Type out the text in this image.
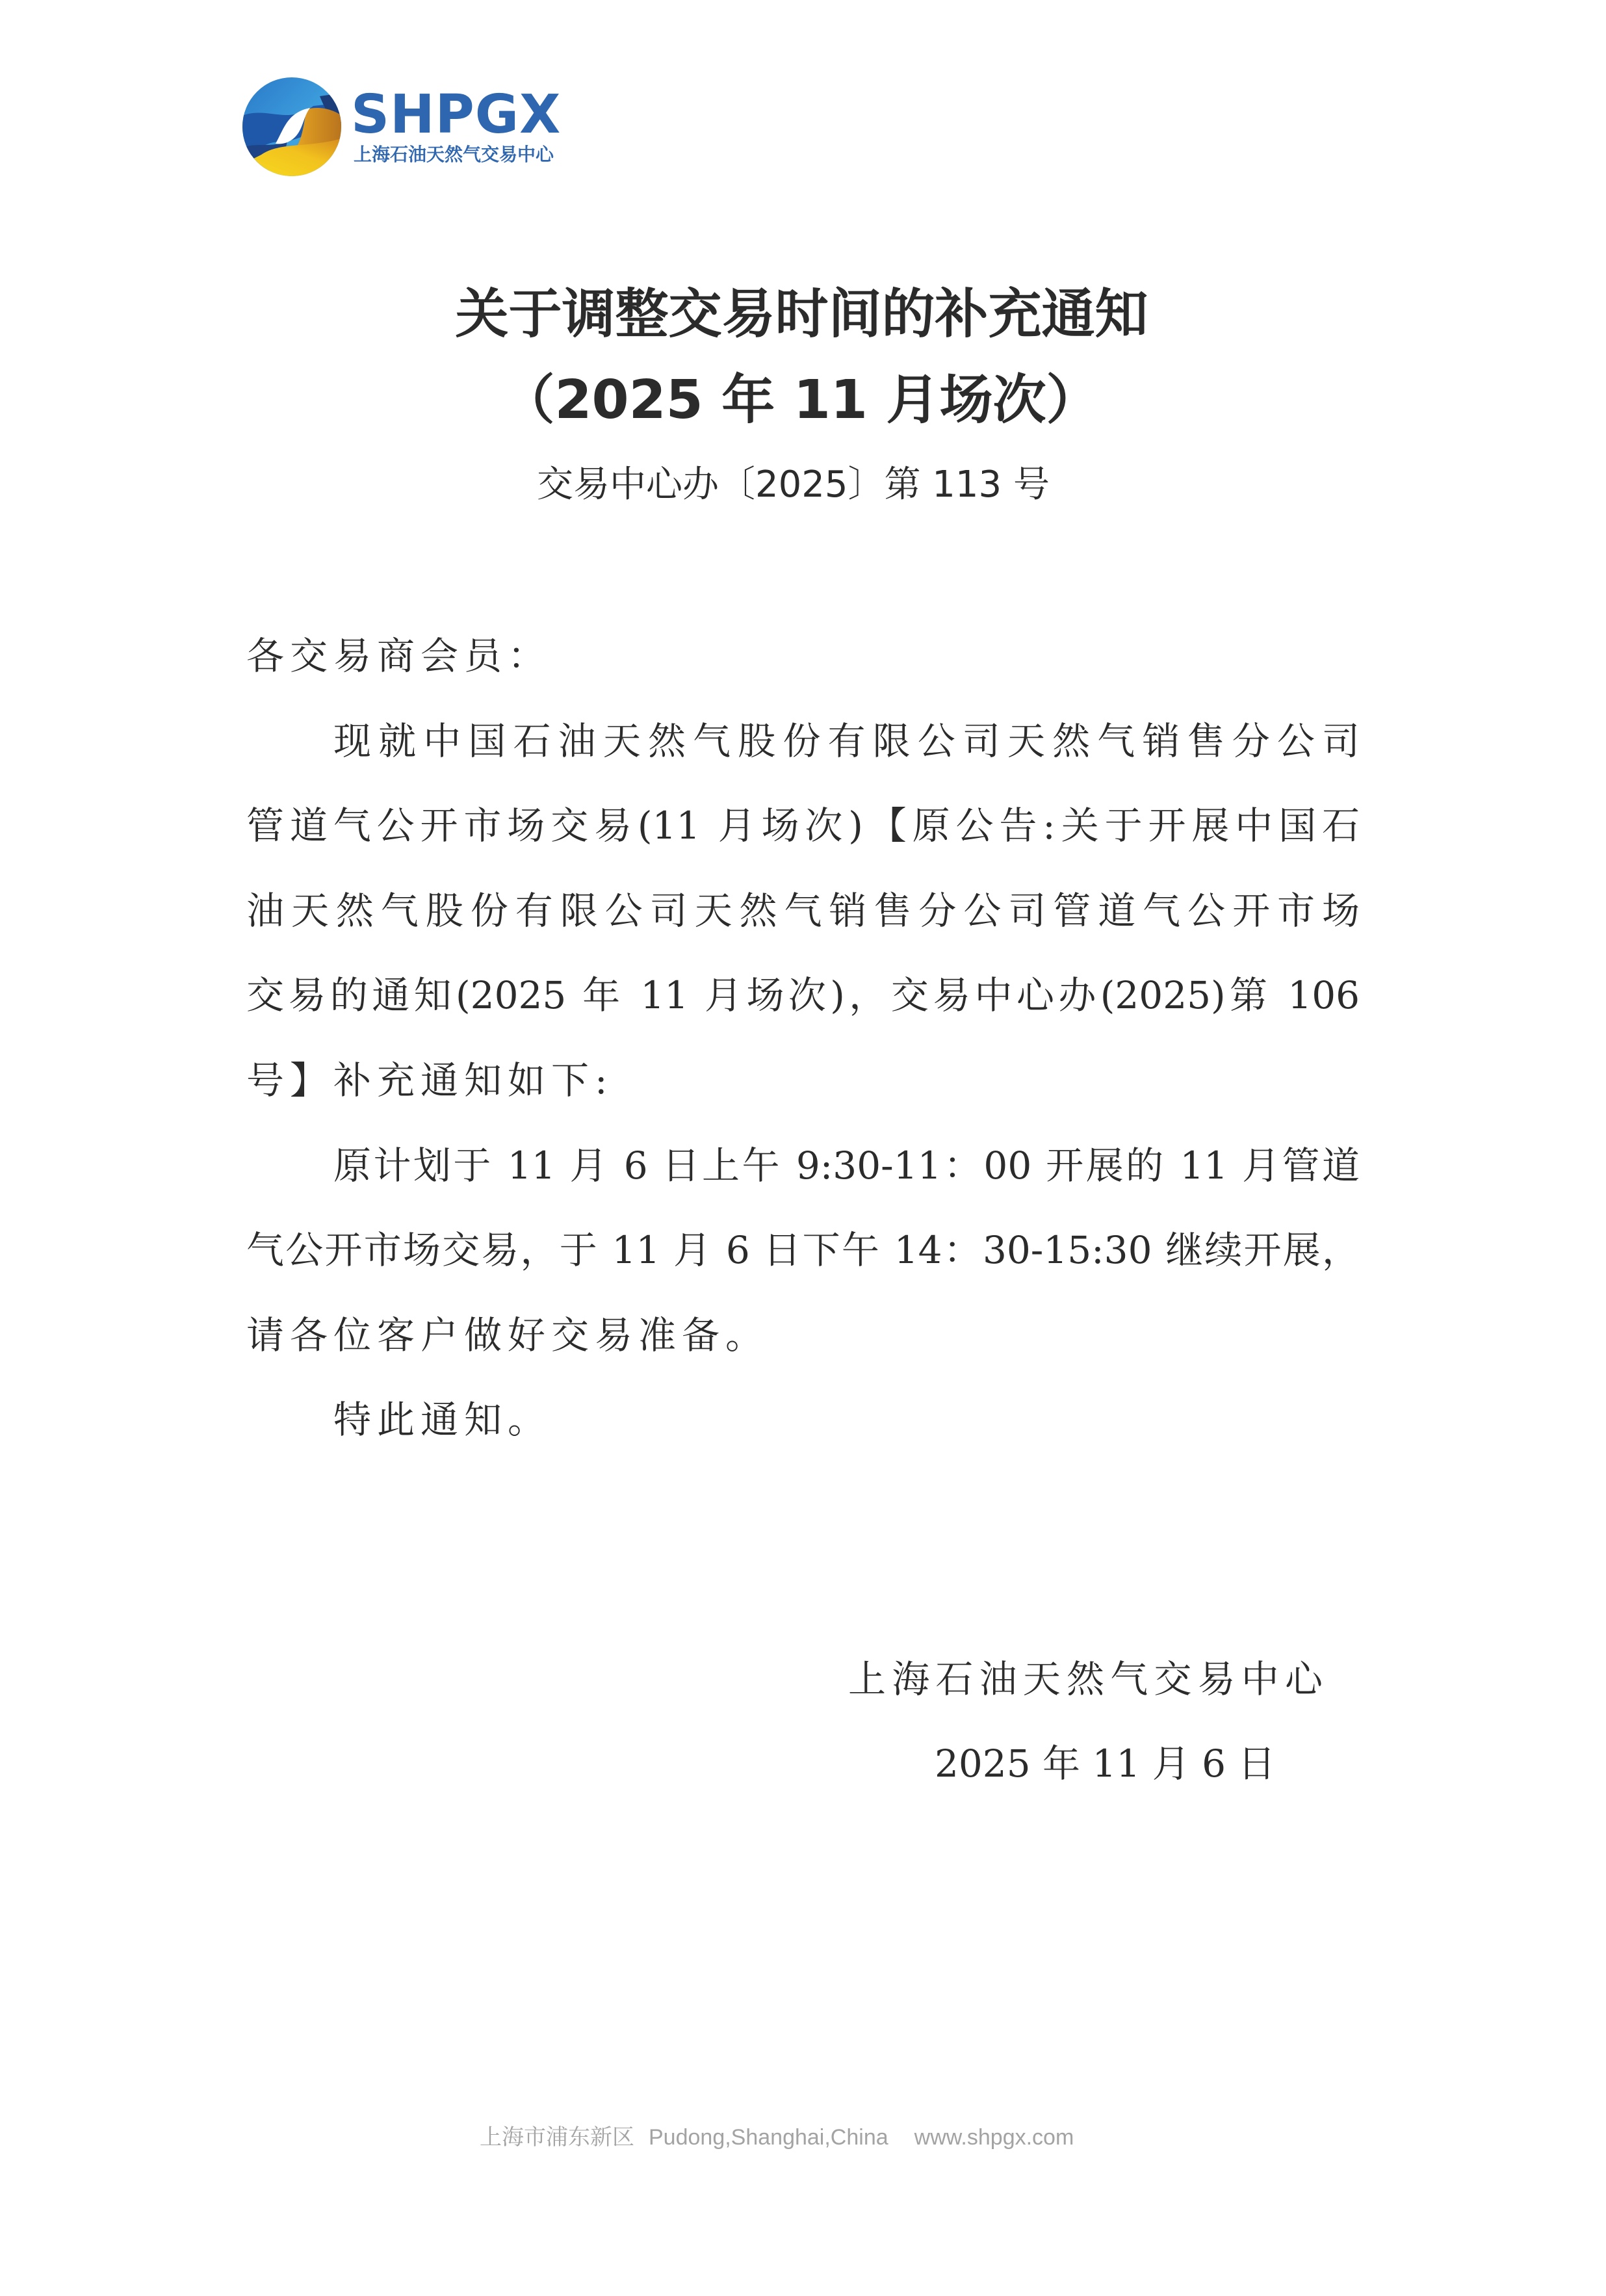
SHPGX
上海石油天然气交易中心
关于调整交易时间的补充通知
（2025 年 11 月场次）
交易中心办〔2025〕第 113 号
各交易商会员：
现就中国石油天然气股份有限公司天然气销售分公司
管道气公开市场交易(11 月场次)【原公告:关于开展中国石
油天然气股份有限公司天然气销售分公司管道气公开市场
交易的通知(2025 年 11 月场次)，交易中心办(2025)第 106
号】补充通知如下:
原计划于 11 月 6 日上午 9:30-11：00 开展的 11 月管道
气公开市场交易，于 11 月 6 日下午 14：30-15:30 继续开展，
请各位客户做好交易准备。
特此通知。
上海石油天然气交易中心
2025 年 11 月 6 日
上海市浦东新区 Pudong,Shanghai,China www.shpgx.com
